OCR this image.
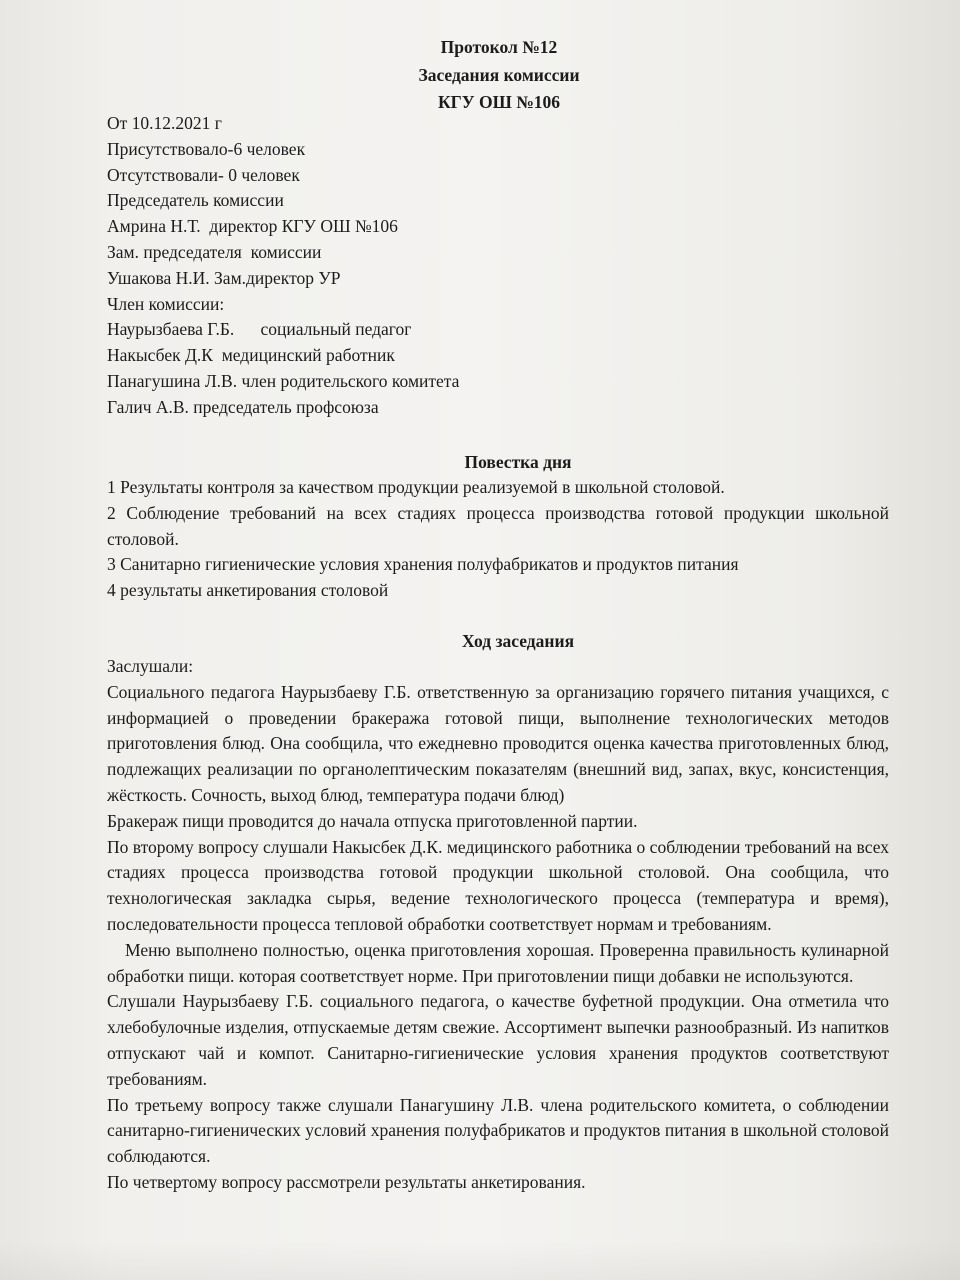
Протокол №12
Заседания комиссии
КГУ ОШ №106
От 10.12.2021 г
Присутствовало-6 человек
Отсутствовали- 0 человек
Председатель комиссии
Амрина Н.Т.  директор КГУ ОШ №106
Зам. председателя  комиссии
Ушакова Н.И. Зам.директор УР
Член комиссии:
Наурызбаева Г.Б.      социальный педагог
Накысбек Д.К  медицинский работник
Панагушина Л.В. член родительского комитета
Галич А.В. председатель профсоюза
Повестка дня

1 Результаты контроля за качеством продукции реализуемой в школьной столовой.

2 Соблюдение требований на всех стадиях процесса производства готовой продукции школьной столовой.

3 Санитарно гигиенические условия хранения полуфабрикатов и продуктов питания

4 результаты анкетирования столовой

Ход заседания

Заслушали:

Социального педагога Наурызбаеву Г.Б. ответственную за организацию горячего питания учащихся, с информацией о проведении бракеража готовой пищи, выполнение технологических методов приготовления блюд. Она сообщила, что ежедневно проводится оценка качества приготовленных блюд, подлежащих реализации по органолептическим показателям (внешний вид, запах, вкус, консистенция, жёсткость. Сочность, выход блюд, температура подачи блюд)

Бракераж пищи проводится до начала отпуска приготовленной партии.

По второму вопросу слушали Накысбек Д.К. медицинского работника о соблюдении требований на всех стадиях процесса производства готовой продукции школьной столовой. Она сообщила, что технологическая закладка сырья, ведение технологического процесса (температура и время), последовательности процесса тепловой обработки соответствует нормам и требованиям.

Меню выполнено полностью, оценка приготовления хорошая. Проверенна правильность кулинарной обработки пищи. которая соответствует норме. При приготовлении пищи добавки не используются.

Слушали Наурызбаеву Г.Б. социального педагога, о качестве буфетной продукции. Она отметила что хлебобулочные изделия, отпускаемые детям свежие. Ассортимент выпечки разнообразный. Из напитков отпускают чай и компот. Санитарно-гигиенические условия хранения продуктов соответствуют требованиям.

По третьему вопросу также слушали Панагушину Л.В. члена родительского комитета, о соблюдении санитарно-гигиенических условий хранения полуфабрикатов и продуктов питания в школьной столовой соблюдаются.

По четвертому вопросу рассмотрели результаты анкетирования.
